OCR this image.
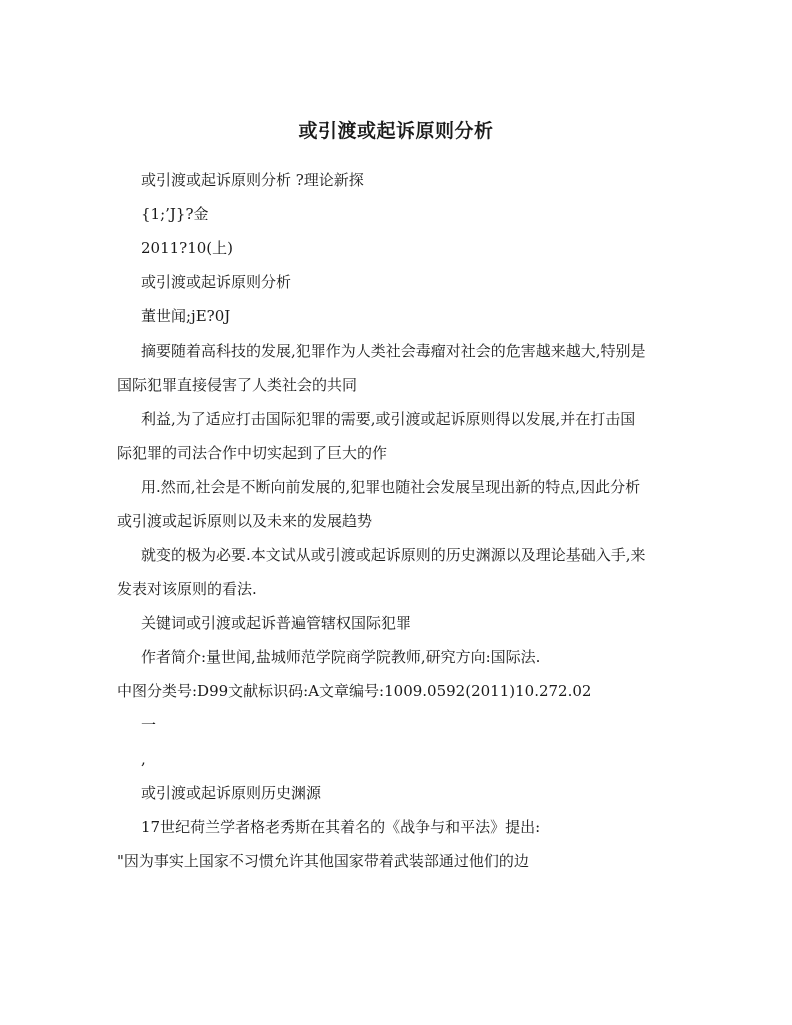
或引渡或起诉原则分析
或引渡或起诉原则分析 ?理论新探
{1;’J}?金
2011?10(上)
或引渡或起诉原则分析
董世闻;jE?0J
摘要随着高科技的发展,犯罪作为人类社会毒瘤对社会的危害越来越大,特别是
国际犯罪直接侵害了人类社会的共同
利益,为了适应打击国际犯罪的需要,或引渡或起诉原则得以发展,并在打击国
际犯罪的司法合作中切实起到了巨大的作
用.然而,社会是不断向前发展的,犯罪也随社会发展呈现出新的特点,因此分析
或引渡或起诉原则以及未来的发展趋势
就变的极为必要.本文试从或引渡或起诉原则的历史渊源以及理论基础入手,来
发表对该原则的看法.
关键词或引渡或起诉普遍管辖权国际犯罪
作者简介:量世闻,盐城师范学院商学院教师,研究方向:国际法.
中图分类号:D99文献标识码:A文章编号:1009.0592(2011)10.272.02
一
,
或引渡或起诉原则历史渊源
17世纪荷兰学者格老秀斯在其着名的《战争与和平法》提出:
"因为事实上国家不习惯允许其他国家带着武装部通过他们的边
